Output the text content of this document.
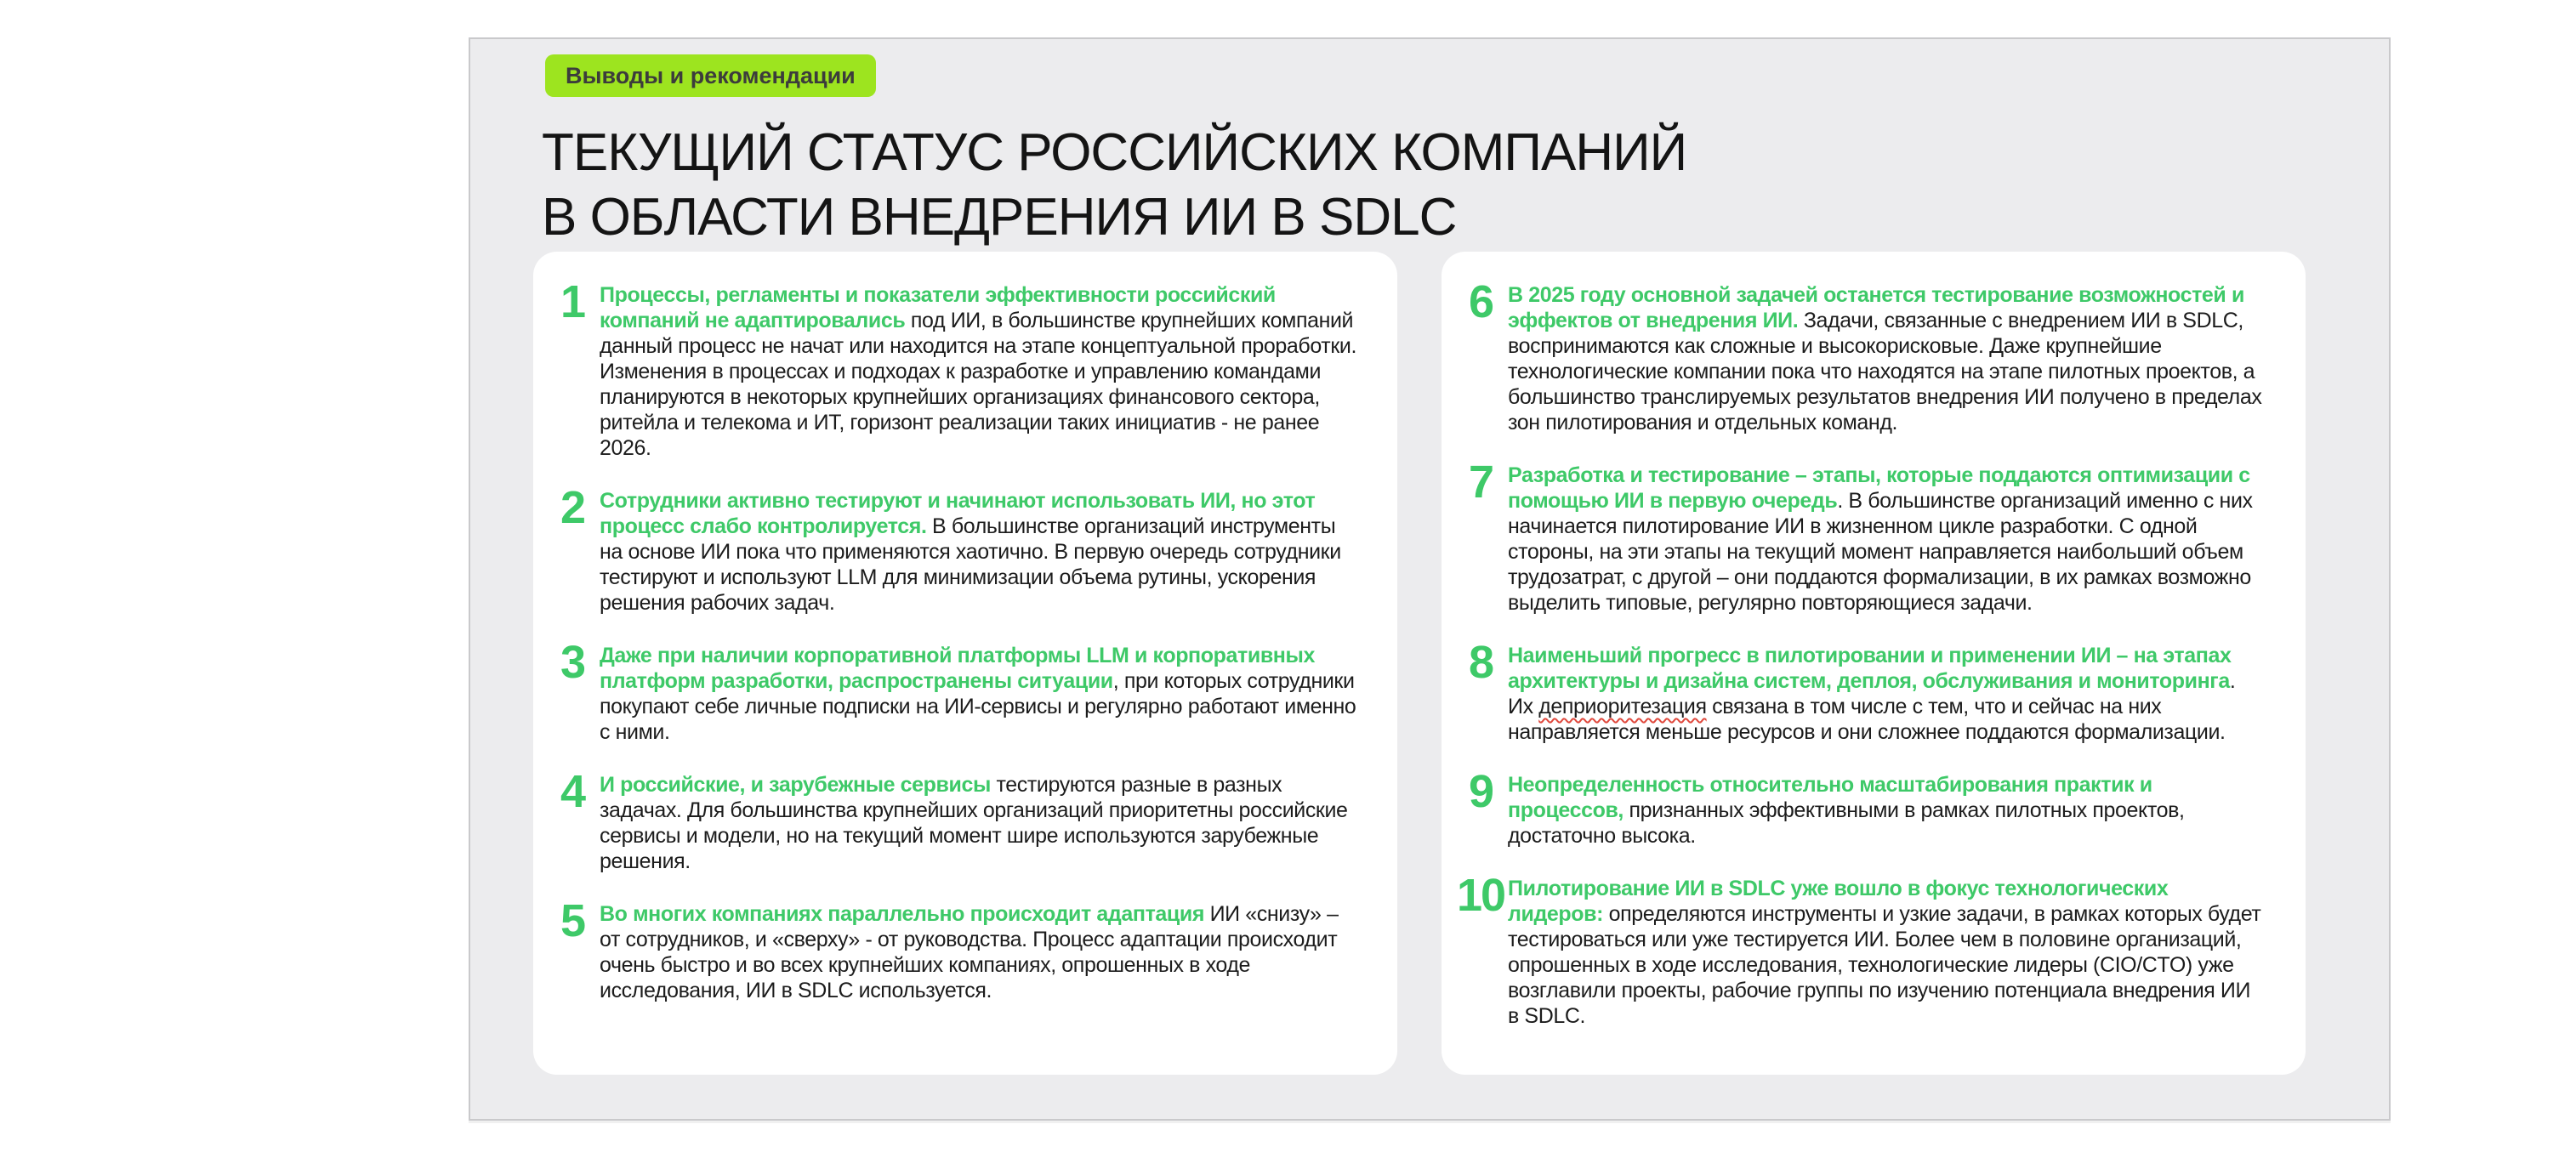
Выводы и рекомендации
ТЕКУЩИЙ СТАТУС РОССИЙСКИХ КОМПАНИЙ
В ОБЛАСТИ ВНЕДРЕНИЯ ИИ В SDLC
1 Процессы, регламенты и показатели эффективности российский компаний не адаптировались под ИИ, в большинстве крупнейших компаний данный процесс не начат или находится на этапе концептуальной проработки. Изменения в процессах и подходах к разработке и управлению командами планируются в некоторых крупнейших организациях финансового сектора, ритейла и телекома и ИТ, горизонт реализации таких инициатив - не ранее 2026.
2 Сотрудники активно тестируют и начинают использовать ИИ, но этот процесс слабо контролируется. В большинстве организаций инструменты на основе ИИ пока что применяются хаотично. В первую очередь сотрудники тестируют и используют LLM для минимизации объема рутины, ускорения решения рабочих задач.
3 Даже при наличии корпоративной платформы LLM и корпоративных платформ разработки, распространены ситуации, при которых сотрудники покупают себе личные подписки на ИИ-сервисы и регулярно работают именно с ними.
4 И российские, и зарубежные сервисы тестируются разные в разных задачах. Для большинства крупнейших организаций приоритетны российские сервисы и модели, но на текущий момент шире используются зарубежные решения.
5 Во многих компаниях параллельно происходит адаптация ИИ «снизу» – от сотрудников, и «сверху» - от руководства. Процесс адаптации происходит очень быстро и во всех крупнейших компаниях, опрошенных в ходе исследования, ИИ в SDLC используется.
6 В 2025 году основной задачей останется тестирование возможностей и эффектов от внедрения ИИ. Задачи, связанные с внедрением ИИ в SDLC, воспринимаются как сложные и высокорисковые. Даже крупнейшие технологические компании пока что находятся на этапе пилотных проектов, а большинство транслируемых результатов внедрения ИИ получено в пределах зон пилотирования и отдельных команд.
7 Разработка и тестирование – этапы, которые поддаются оптимизации с помощью ИИ в первую очередь. В большинстве организаций именно с них начинается пилотирование ИИ в жизненном цикле разработки. С одной стороны, на эти этапы на текущий момент направляется наибольший объем трудозатрат, с другой – они поддаются формализации, в их рамках возможно выделить типовые, регулярно повторяющиеся задачи.
8 Наименьший прогресс в пилотировании и применении ИИ – на этапах архитектуры и дизайна систем, деплоя, обслуживания и мониторинга. Их деприоритезация связана в том числе с тем, что и сейчас на них направляется меньше ресурсов и они сложнее поддаются формализации.
9 Неопределенность относительно масштабирования практик и процессов, признанных эффективными в рамках пилотных проектов, достаточно высока.
10 Пилотирование ИИ в SDLC уже вошло в фокус технологических лидеров: определяются инструменты и узкие задачи, в рамках которых будет тестироваться или уже тестируется ИИ. Более чем в половине организаций, опрошенных в ходе исследования, технологические лидеры (CIO/CTO) уже возглавили проекты, рабочие группы по изучению потенциала внедрения ИИ в SDLC.
